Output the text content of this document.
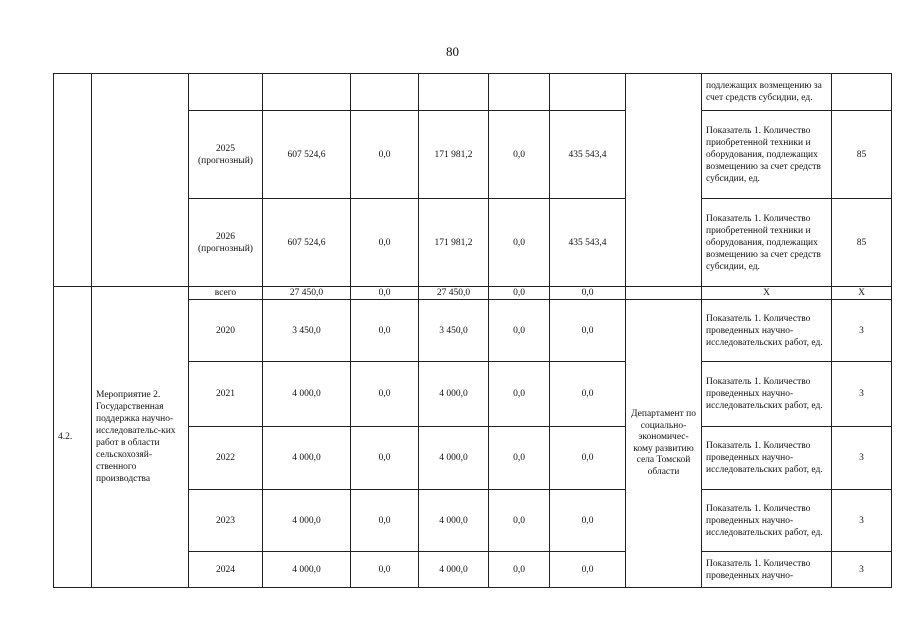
80
									подлежащих возмещению за счет средств субсидии, ед.	
		2025 (прогнозный)	607 524,6	0,0	171 981,2	0,0	435 543,4		Показатель 1. Количество приобретенной техники и оборудования, подлежащих возмещению за счет средств субсидии, ед.	85
		2026 (прогнозный)	607 524,6	0,0	171 981,2	0,0	435 543,4		Показатель 1. Количество приобретенной техники и оборудования, подлежащих возмещению за счет средств субсидии, ед.	85
4.2.	Мероприятие 2. Государственная поддержка научно-исследовательс-ких работ в области сельскохозяй-ственного производства	всего	27 450,0	0,0	27 450,0	0,0	0,0		X	X
		2020	3 450,0	0,0	3 450,0	0,0	0,0	Департамент по социально-экономичес-кому развитию села Томской области	Показатель 1. Количество проведенных научно-исследовательских работ, ед.	3
		2021	4 000,0	0,0	4 000,0	0,0	0,0		Показатель 1. Количество проведенных научно-исследовательских работ, ед.	3
		2022	4 000,0	0,0	4 000,0	0,0	0,0		Показатель 1. Количество проведенных научно-исследовательских работ, ед.	3
		2023	4 000,0	0,0	4 000,0	0,0	0,0		Показатель 1. Количество проведенных научно-исследовательских работ, ед.	3
		2024	4 000,0	0,0	4 000,0	0,0	0,0		Показатель 1. Количество проведенных научно-	3
